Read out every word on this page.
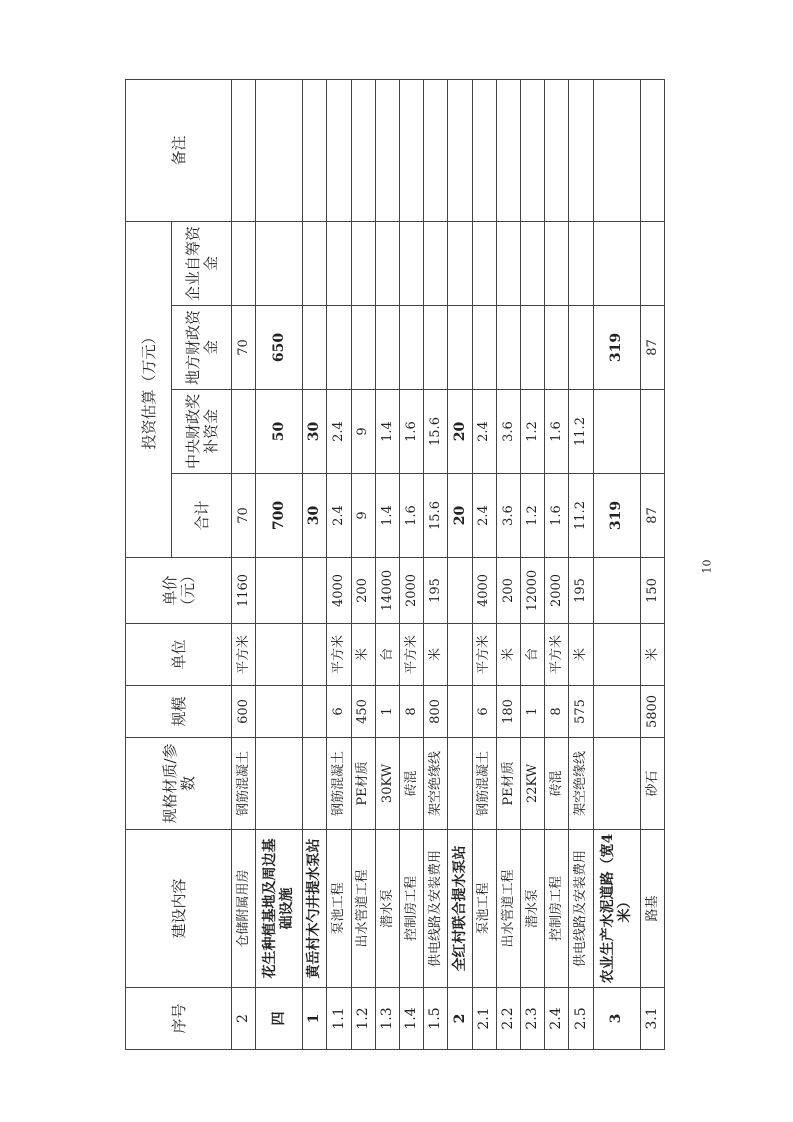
序号	建设内容	规格材质/参数	规模	单位	单价（元）	投资估算（万元）				备注
						合计	中央财政奖补资金	地方财政资金	企业自筹资金	
2	仓储附属用房	钢筋混凝土	600	平方米	1160	70		70		
四	花生种植基地及周边基础设施					700	50	650		
1	黄岳村木勺井提水泵站					30	30			
1.1	泵池工程	钢筋混凝土	6	平方米	4000	2.4	2.4			
1.2	出水管道工程	PE材质	450	米	200	9	9			
1.3	潜水泵	30KW	1	台	14000	1.4	1.4			
1.4	控制房工程	砖混	8	平方米	2000	1.6	1.6			
1.5	供电线路及安装费用	架空绝缘线	800	米	195	15.6	15.6			
2	全红村联合提水泵站					20	20			
2.1	泵池工程	钢筋混凝土	6	平方米	4000	2.4	2.4			
2.2	出水管道工程	PE材质	180	米	200	3.6	3.6			
2.3	潜水泵	22KW	1	台	12000	1.2	1.2			
2.4	控制房工程	砖混	8	平方米	2000	1.6	1.6			
2.5	供电线路及安装费用	架空绝缘线	575	米	195	11.2	11.2			
3	农业生产水泥道路（宽4米）					319		319		
3.1	路基	砂石	5800	米	150	87		87		
10
